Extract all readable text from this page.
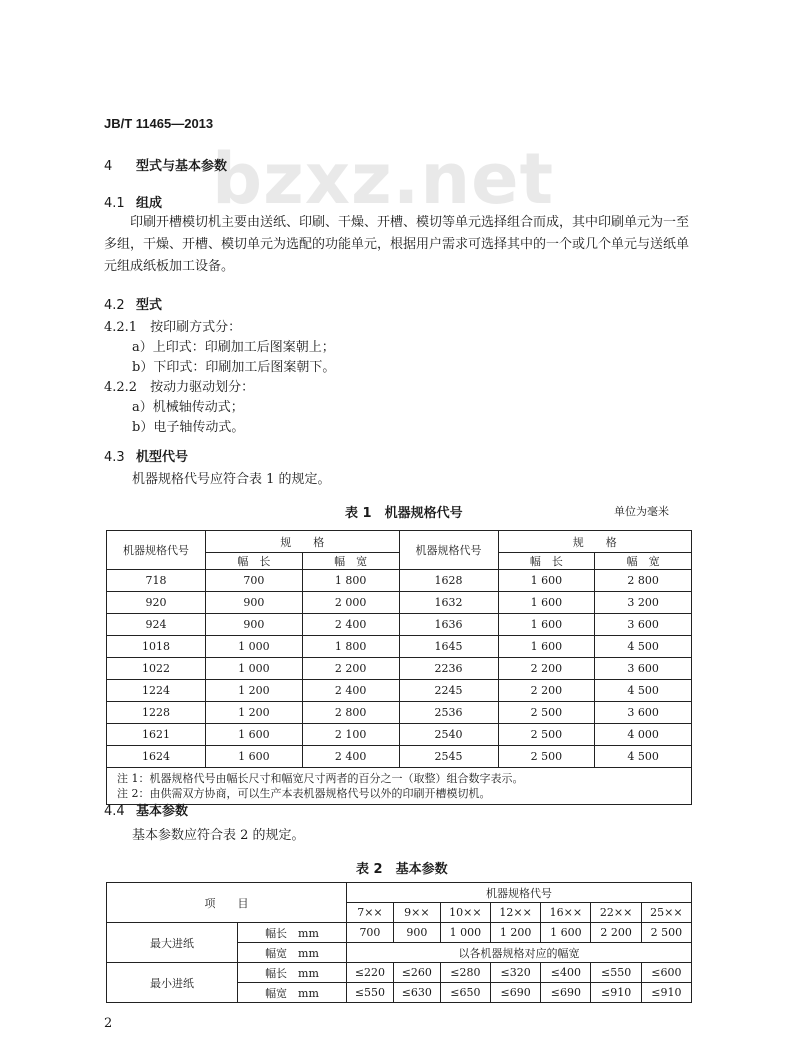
JB/T 11465—2013
bzxz.net
4 型式与基本参数
4.1 组成
印刷开槽模切机主要由送纸、印刷、干燥、开槽、模切等单元选择组合而成，其中印刷单元为一至多组，干燥、开槽、模切单元为选配的功能单元，根据用户需求可选择其中的一个或几个单元与送纸单元组成纸板加工设备。
4.2 型式
4.2.1　按印刷方式分：
a）上印式：印刷加工后图案朝上；
b）下印式：印刷加工后图案朝下。
4.2.2　按动力驱动划分：
a）机械轴传动式；
b）电子轴传动式。
4.3 机型代号
机器规格代号应符合表 1 的规定。
表 1　机器规格代号	单位为毫米
机器规格代号	规　　格		机器规格代号	规　　格	
	幅　长	幅　宽		幅　长	幅　宽
718	700	1 800	1628	1 600	2 800
920	900	2 000	1632	1 600	3 200
924	900	2 400	1636	1 600	3 600
1018	1 000	1 800	1645	1 600	4 500
1022	1 000	2 200	2236	2 200	3 600
1224	1 200	2 400	2245	2 200	4 500
1228	1 200	2 800	2536	2 500	3 600
1621	1 600	2 100	2540	2 500	4 000
1624	1 600	2 400	2545	2 500	4 500

注 1：机器规格代号由幅长尺寸和幅宽尺寸两者的百分之一（取整）组合数字表示。
注 2：由供需双方协商，可以生产本表机器规格代号以外的印刷开槽模切机。					
4.4 基本参数
基本参数应符合表 2 的规定。
表 2　基本参数
项　　目		机器规格代号						
		7××	9××	10××	12××	16××	22××	25××
最大进纸	幅长　mm	700	900	1 000	1 200	1 600	2 200	2 500
	幅宽　mm	以各机器规格对应的幅宽						
最小进纸	幅长　mm	≤220	≤260	≤280	≤320	≤400	≤550	≤600
	幅宽　mm	≤550	≤630	≤650	≤690	≤690	≤910	≤910
2
